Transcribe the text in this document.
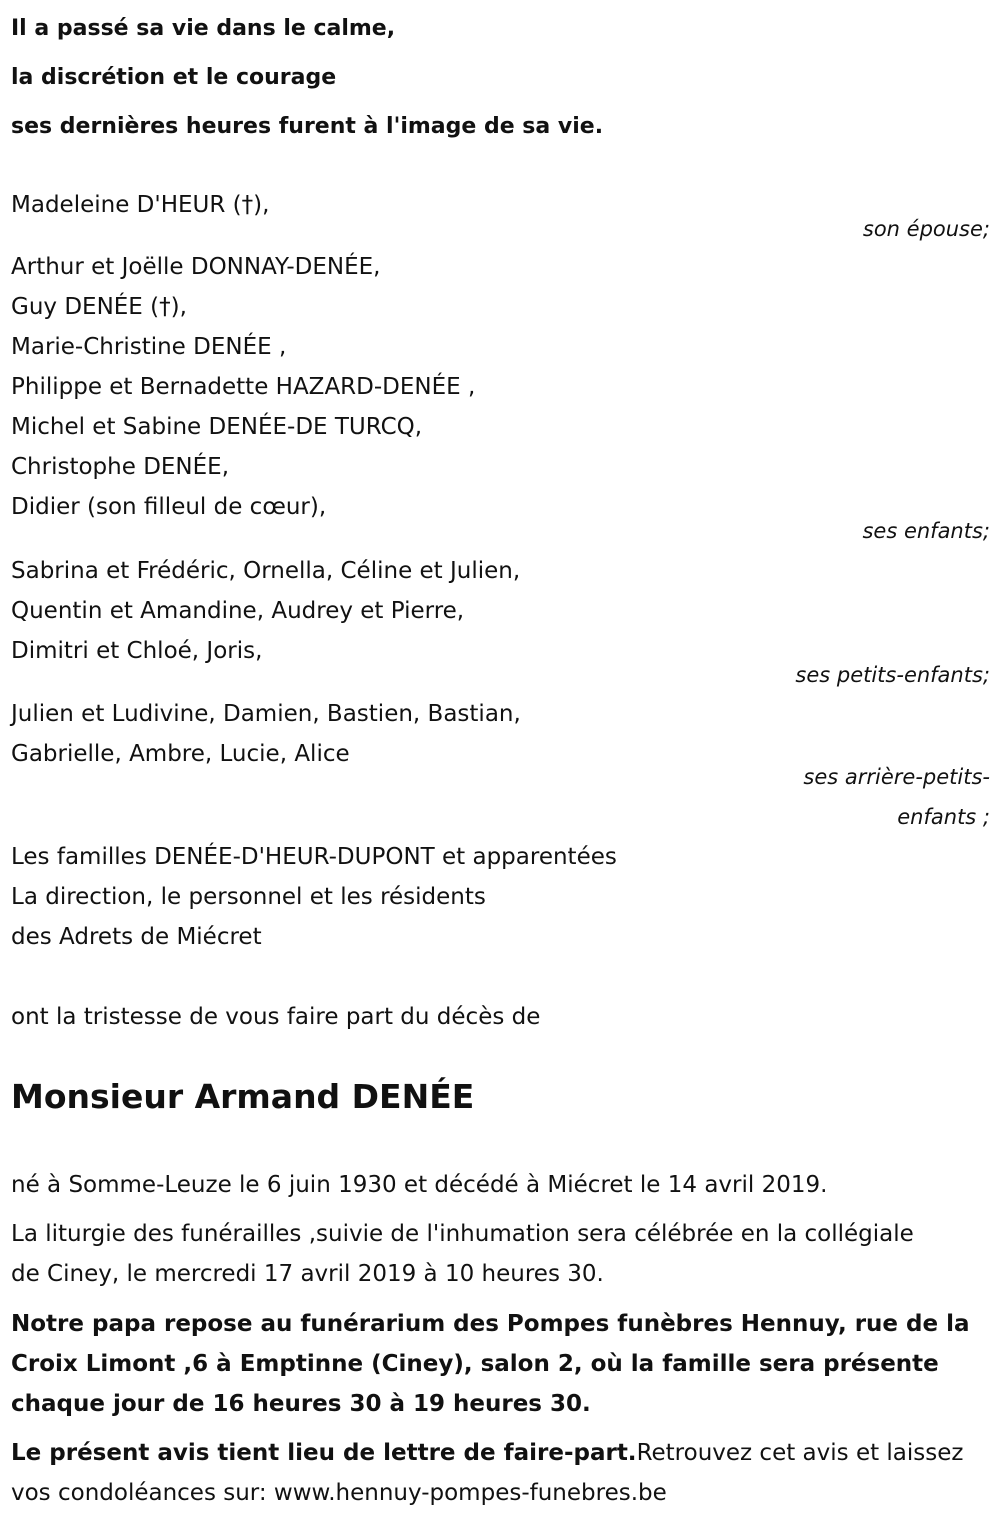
Il a passé sa vie dans le calme,
la discrétion et le courage
ses dernières heures furent à l'image de sa vie.
Madeleine D'HEUR (†),
son épouse;
Arthur et Joëlle DONNAY-DENÉE,
Guy DENÉE (†),
Marie-Christine DENÉE ,
Philippe et Bernadette HAZARD-DENÉE ,
Michel et Sabine DENÉE-DE TURCQ,
Christophe DENÉE,
Didier (son filleul de cœur),
ses enfants;
Sabrina et Frédéric, Ornella, Céline et Julien,
Quentin et Amandine, Audrey et Pierre,
Dimitri et Chloé, Joris,
ses petits-enfants;
Julien et Ludivine, Damien, Bastien, Bastian,
Gabrielle, Ambre, Lucie, Alice
ses arrière-petits-
enfants ;
Les familles DENÉE-D'HEUR-DUPONT et apparentées
La direction, le personnel et les résidents
des Adrets de Miécret
ont la tristesse de vous faire part du décès de
Monsieur Armand DENÉE
né à Somme-Leuze le 6 juin 1930 et décédé à Miécret le 14 avril 2019.
La liturgie des funérailles ,suivie de l'inhumation sera célébrée en la collégiale de Ciney, le mercredi 17 avril 2019 à 10 heures 30.
Notre papa repose au funérarium des Pompes funèbres Hennuy, rue de la Croix Limont ,6 à Emptinne (Ciney), salon 2, où la famille sera présente chaque jour de 16 heures 30 à 19 heures 30.
Le présent avis tient lieu de lettre de faire-part.Retrouvez cet avis et laissez vos condoléances sur: www.hennuy-pompes-funebres.be
